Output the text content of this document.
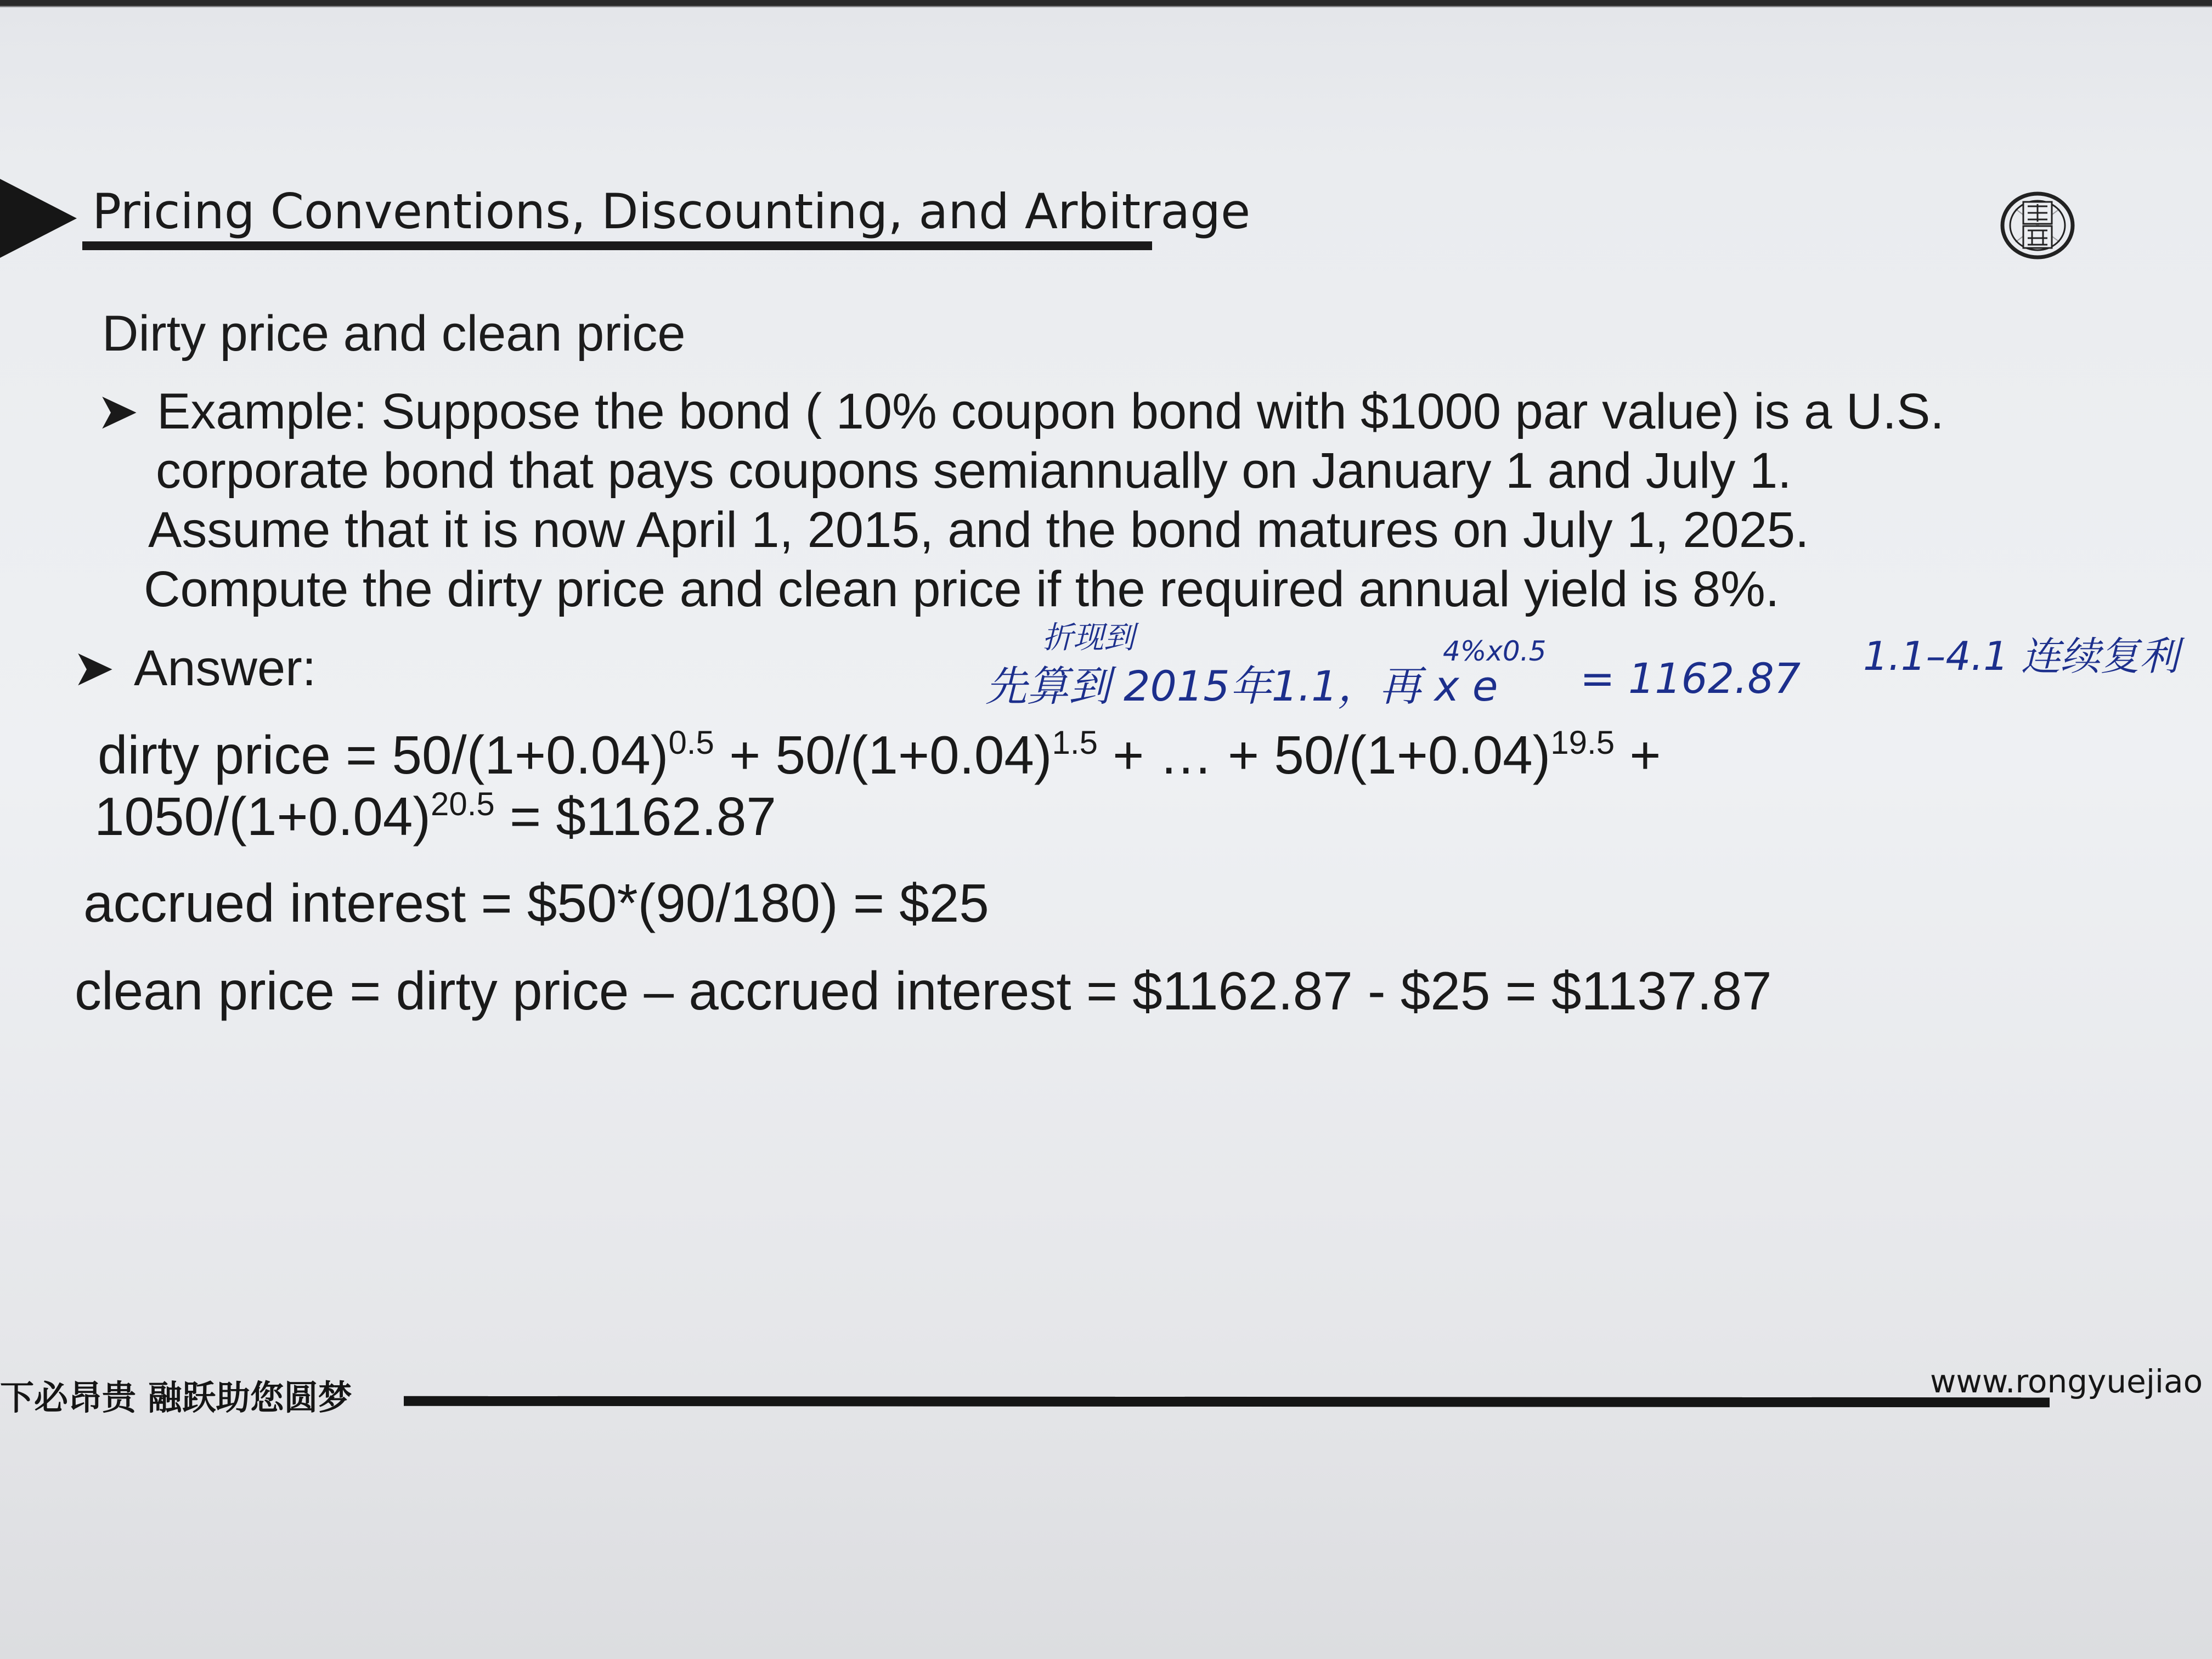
Pricing Conventions, Discounting, and Arbitrage
Dirty price and clean price
➤ Example: Suppose the bond ( 10% coupon bond with $1000 par value) is a U.S.
corporate bond that pays coupons semiannually on January 1 and July 1.
Assume that it is now April 1, 2015, and the bond matures on July 1, 2025.
Compute the dirty price and clean price if the required annual yield is 8%.
➤ Answer:
dirty price = $50/(1+0.04)^{0.5} + 50/(1+0.04)^{1.5}$ + … + $50/(1+0.04)^{19.5}$ +
$1050/(1+0.04)^{20.5}$ = $1162.87
accrued interest = $50*(90/180) = $25
clean price = dirty price – accrued interest = $1162.87 - $25 = $1137.87
折现到
先算到 2015年1.1，再 x e
4%x0.5
= 1162.87 1.1–4.1 连续复利
下必昂贵 融跃助您圆梦	www.rongyuejiao
